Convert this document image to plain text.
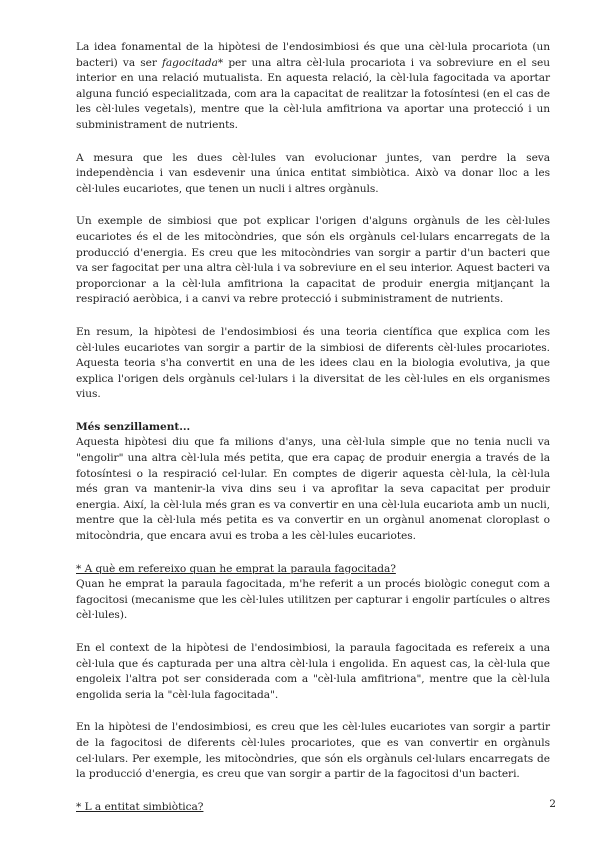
La idea fonamental de la hipòtesi de l'endosimbiosi és que una cèl·lula procariota (un bacteri) va ser fagocitada* per una altra cèl·lula procariota i va sobreviure en el seu interior en una relació mutualista. En aquesta relació, la cèl·lula fagocitada va aportar alguna funció especialitzada, com ara la capacitat de realitzar la fotosíntesi (en el cas de les cèl·lules vegetals), mentre que la cèl·lula amfitriona va aportar una protecció i un subministrament de nutrients.

A mesura que les dues cèl·lules van evolucionar juntes, van perdre la seva independència i van esdevenir una única entitat simbiòtica. Això va donar lloc a les cèl·lules eucariotes, que tenen un nucli i altres orgànuls.

Un exemple de simbiosi que pot explicar l'origen d'alguns orgànuls de les cèl·lules eucariotes és el de les mitocòndries, que són els orgànuls cel·lulars encarregats de la producció d'energia. Es creu que les mitocòndries van sorgir a partir d'un bacteri que va ser fagocitat per una altra cèl·lula i va sobreviure en el seu interior. Aquest bacteri va proporcionar a la cèl·lula amfitriona la capacitat de produir energia mitjançant la respiració aeròbica, i a canvi va rebre protecció i subministrament de nutrients.

En resum, la hipòtesi de l'endosimbiosi és una teoria científica que explica com les cèl·lules eucariotes van sorgir a partir de la simbiosi de diferents cèl·lules procariotes. Aquesta teoria s'ha convertit en una de les idees clau en la biologia evolutiva, ja que explica l'origen dels orgànuls cel·lulars i la diversitat de les cèl·lules en els organismes vius.

Més senzillament...
Aquesta hipòtesi diu que fa milions d'anys, una cèl·lula simple que no tenia nucli va "engolir" una altra cèl·lula més petita, que era capaç de produir energia a través de la fotosíntesi o la respiració cel·lular. En comptes de digerir aquesta cèl·lula, la cèl·lula més gran va mantenir-la viva dins seu i va aprofitar la seva capacitat per produir energia. Així, la cèl·lula més gran es va convertir en una cèl·lula eucariota amb un nucli, mentre que la cèl·lula més petita es va convertir en un orgànul anomenat cloroplast o mitocòndria, que encara avui es troba a les cèl·lules eucariotes.

* A què em refereixo quan he emprat la paraula fagocitada?
Quan he emprat la paraula fagocitada, m'he referit a un procés biològic conegut com a fagocitosi (mecanisme que les cèl·lules utilitzen per capturar i engolir partícules o altres cèl·lules).

En el context de la hipòtesi de l'endosimbiosi, la paraula fagocitada es refereix a una cèl·lula que és capturada per una altra cèl·lula i engolida. En aquest cas, la cèl·lula que engoleix l'altra pot ser considerada com a "cèl·lula amfitriona", mentre que la cèl·lula engolida seria la "cèl·lula fagocitada".

En la hipòtesi de l'endosimbiosi, es creu que les cèl·lules eucariotes van sorgir a partir de la fagocitosi de diferents cèl·lules procariotes, que es van convertir en orgànuls cel·lulars. Per exemple, les mitocòndries, que són els orgànuls cel·lulars encarregats de la producció d'energia, es creu que van sorgir a partir de la fagocitosi d'un bacteri.

* L a entitat simbiòtica?	2
